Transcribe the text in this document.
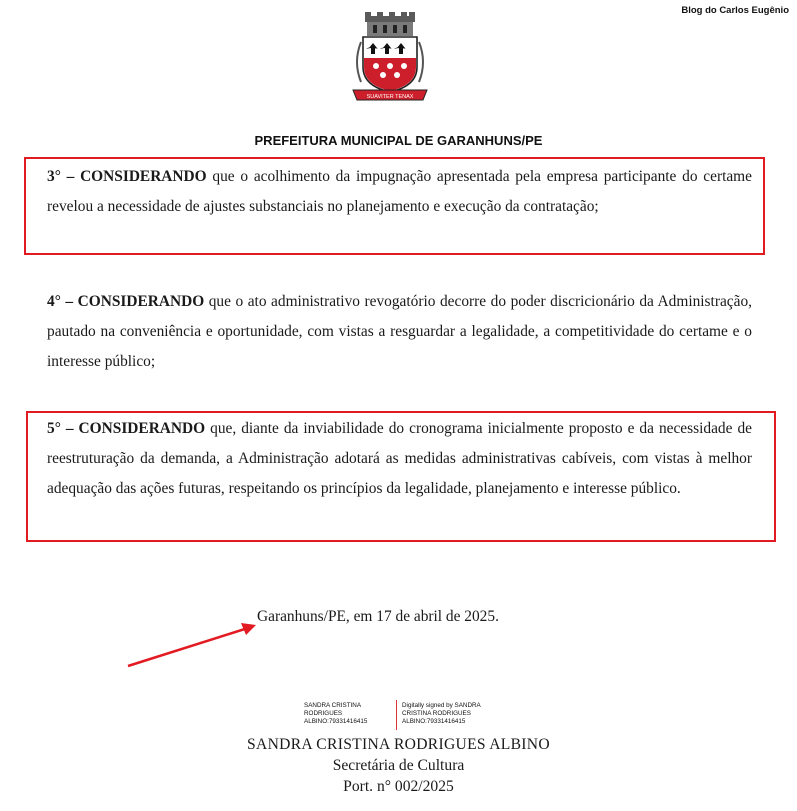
Blog do Carlos Eugênio
SUAVITER TENAX
PREFEITURA MUNICIPAL DE GARANHUNS/PE
3° – CONSIDERANDO que o acolhimento da impugnação apresentada pela empresa participante do certame revelou a necessidade de ajustes substanciais no planejamento e execução da contratação;
4° – CONSIDERANDO que o ato administrativo revogatório decorre do poder discricionário da Administração, pautado na conveniência e oportunidade, com vistas a resguardar a legalidade, a competitividade do certame e o interesse público;
5° – CONSIDERANDO que, diante da inviabilidade do cronograma inicialmente proposto e da necessidade de reestruturação da demanda, a Administração adotará as medidas administrativas cabíveis, com vistas à melhor adequação das ações futuras, respeitando os princípios da legalidade, planejamento e interesse público.
Garanhuns/PE, em 17 de abril de 2025.
SANDRA CRISTINA
RODRIGUES
ALBINO:79331416415
Digitally signed by SANDRA
CRISTINA RODRIGUES
ALBINO:79331416415
SANDRA CRISTINA RODRIGUES ALBINO
Secretária de Cultura
Port. n° 002/2025
